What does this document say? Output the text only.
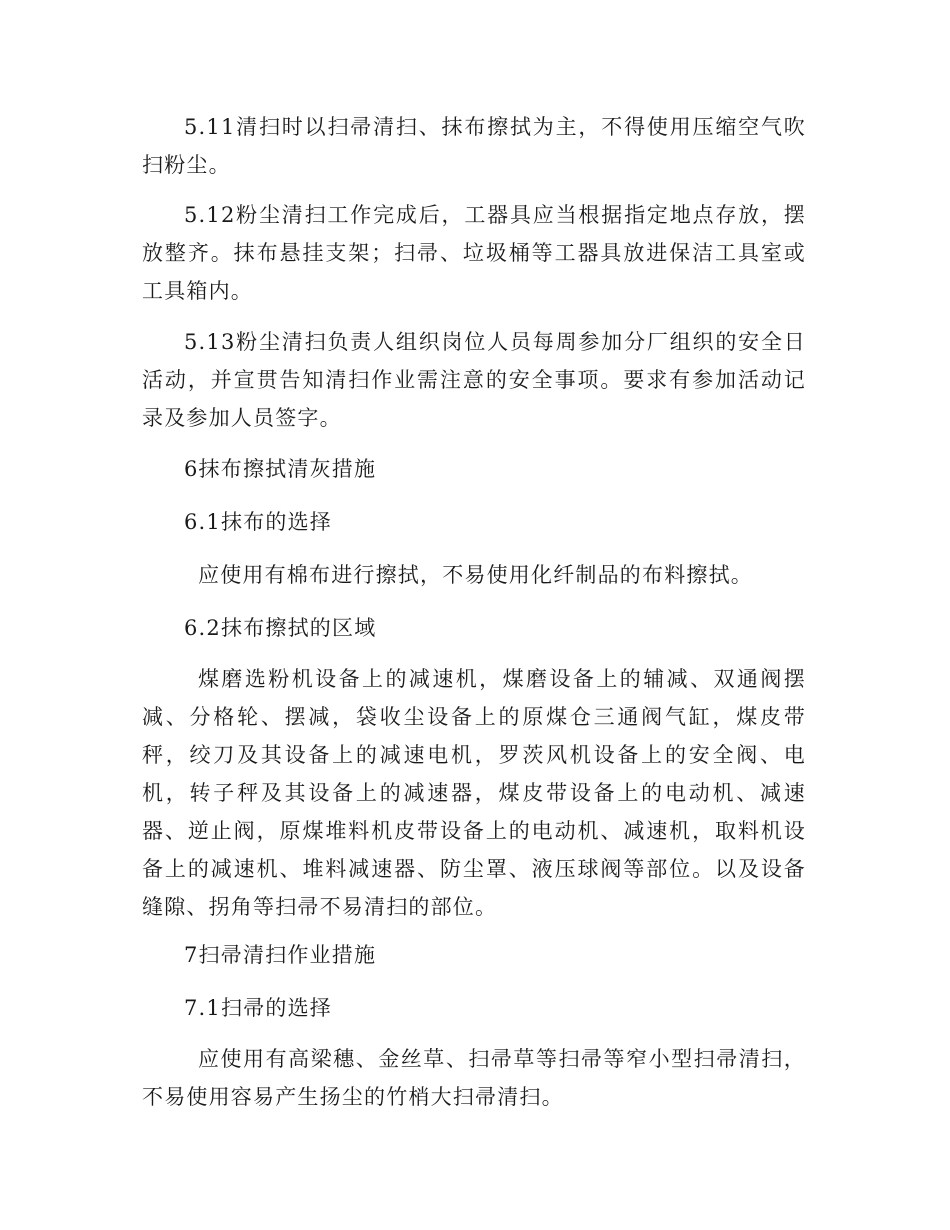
5.11清扫时以扫帚清扫、抹布擦拭为主，不得使用压缩空气吹扫粉尘。

5.12粉尘清扫工作完成后，工器具应当根据指定地点存放，摆放整齐。抹布悬挂支架；扫帚、垃圾桶等工器具放进保洁工具室或工具箱内。

5.13粉尘清扫负责人组织岗位人员每周参加分厂组织的安全日活动，并宣贯告知清扫作业需注意的安全事项。要求有参加活动记录及参加人员签字。

6抹布擦拭清灰措施

6.1抹布的选择

应使用有棉布进行擦拭，不易使用化纤制品的布料擦拭。

6.2抹布擦拭的区域

煤磨选粉机设备上的减速机，煤磨设备上的辅减、双通阀摆减、分格轮、摆减，袋收尘设备上的原煤仓三通阀气缸，煤皮带秤，绞刀及其设备上的减速电机，罗茨风机设备上的安全阀、电机，转子秤及其设备上的减速器，煤皮带设备上的电动机、减速器、逆止阀，原煤堆料机皮带设备上的电动机、减速机，取料机设备上的减速机、堆料减速器、防尘罩、液压球阀等部位。以及设备缝隙、拐角等扫帚不易清扫的部位。

7扫帚清扫作业措施

7.1扫帚的选择

应使用有高梁穗、金丝草、扫帚草等扫帚等窄小型扫帚清扫，不易使用容易产生扬尘的竹梢大扫帚清扫。
